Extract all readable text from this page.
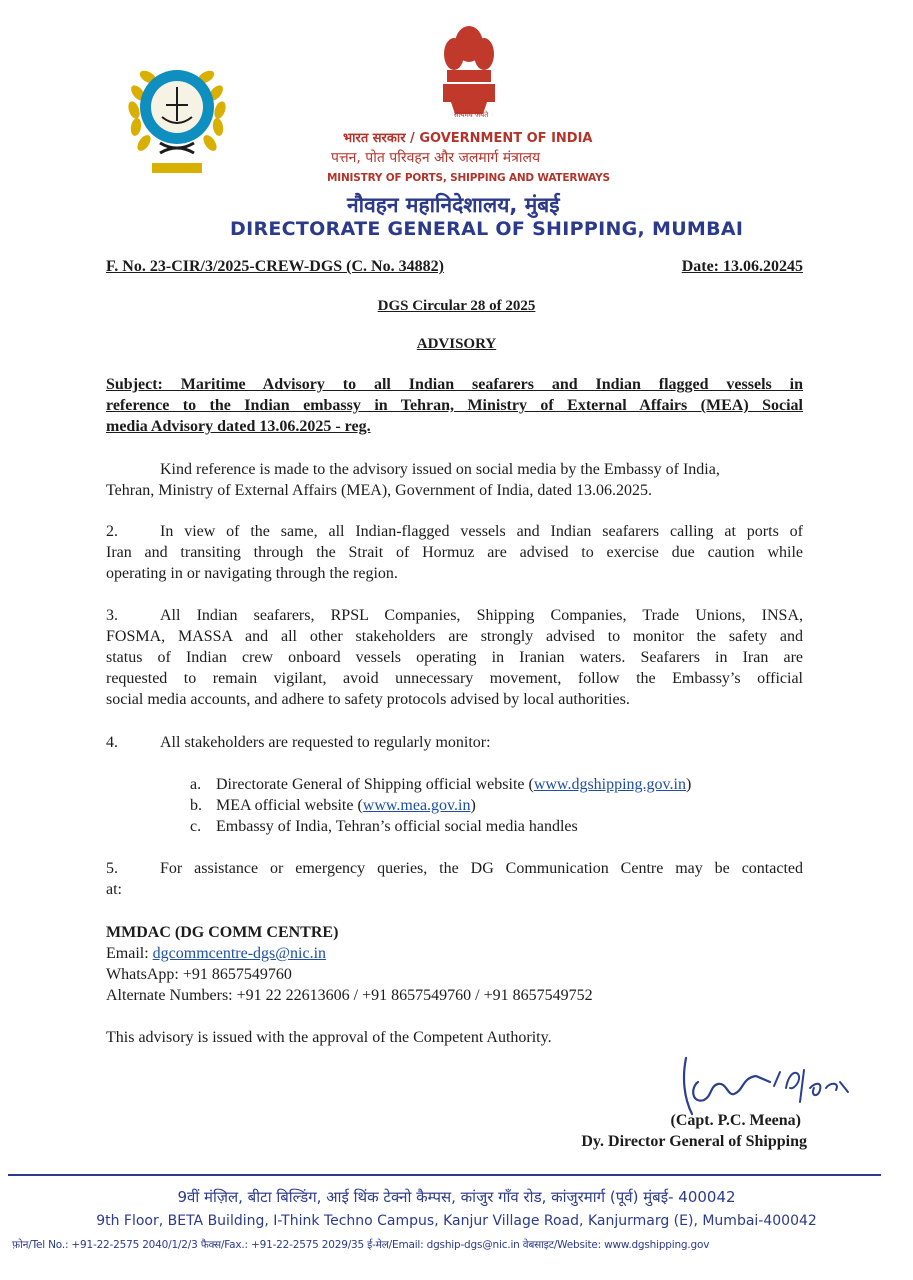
सत्यमेव जयते
भारत सरकार / GOVERNMENT OF INDIA
पत्तन, पोत परिवहन और जलमार्ग मंत्रालय
MINISTRY OF PORTS, SHIPPING AND WATERWAYS
नौवहन महानिदेशालय, मुंबई
DIRECTORATE GENERAL OF SHIPPING, MUMBAI
F. No. 23-CIR/3/2025-CREW-DGS (C. No. 34882)	Date: 13.06.20245
DGS Circular 28 of 2025
ADVISORY
Subject: Maritime Advisory to all Indian seafarers and Indian flagged vessels in
reference to the Indian embassy in Tehran, Ministry of External Affairs (MEA) Social
media Advisory dated 13.06.2025 - reg.
Kind reference is made to the advisory issued on social media by the Embassy of India,
Tehran, Ministry of External Affairs (MEA), Government of India, dated 13.06.2025.
2.	In view of the same, all Indian-flagged vessels and Indian seafarers calling at ports of
Iran and transiting through the Strait of Hormuz are advised to exercise due caution while
operating in or navigating through the region.
3.	All Indian seafarers, RPSL Companies, Shipping Companies, Trade Unions, INSA,
FOSMA, MASSA and all other stakeholders are strongly advised to monitor the safety and
status of Indian crew onboard vessels operating in Iranian waters. Seafarers in Iran are
requested to remain vigilant, avoid unnecessary movement, follow the Embassy’s official
social media accounts, and adhere to safety protocols advised by local authorities.
4.	All stakeholders are requested to regularly monitor:
a. Directorate General of Shipping official website (www.dgshipping.gov.in)
b. MEA official website (www.mea.gov.in)
c. Embassy of India, Tehran’s official social media handles
5.	For assistance or emergency queries, the DG Communication Centre may be contacted
at:
MMDAC (DG COMM CENTRE)
Email: dgcommcentre-dgs@nic.in
WhatsApp: +91 8657549760
Alternate Numbers: +91 22 22613606 / +91 8657549760 / +91 8657549752
This advisory is issued with the approval of the Competent Authority.
(Capt. P.C. Meena)
Dy. Director General of Shipping
9वीं मंज़िल, बीटा बिल्डिंग, आई थिंक टेक्नो कैम्पस, कांजुर गाँव रोड, कांजुरमार्ग (पूर्व) मुंबई- 400042
9th Floor, BETA Building, I-Think Techno Campus, Kanjur Village Road, Kanjurmarg (E), Mumbai-400042
फ़ोन/Tel No.: +91-22-2575 2040/1/2/3 फैक्स/Fax.: +91-22-2575 2029/35 ई-मेल/Email: dgship-dgs@nic.in वेबसाइट/Website: www.dgshipping.gov
